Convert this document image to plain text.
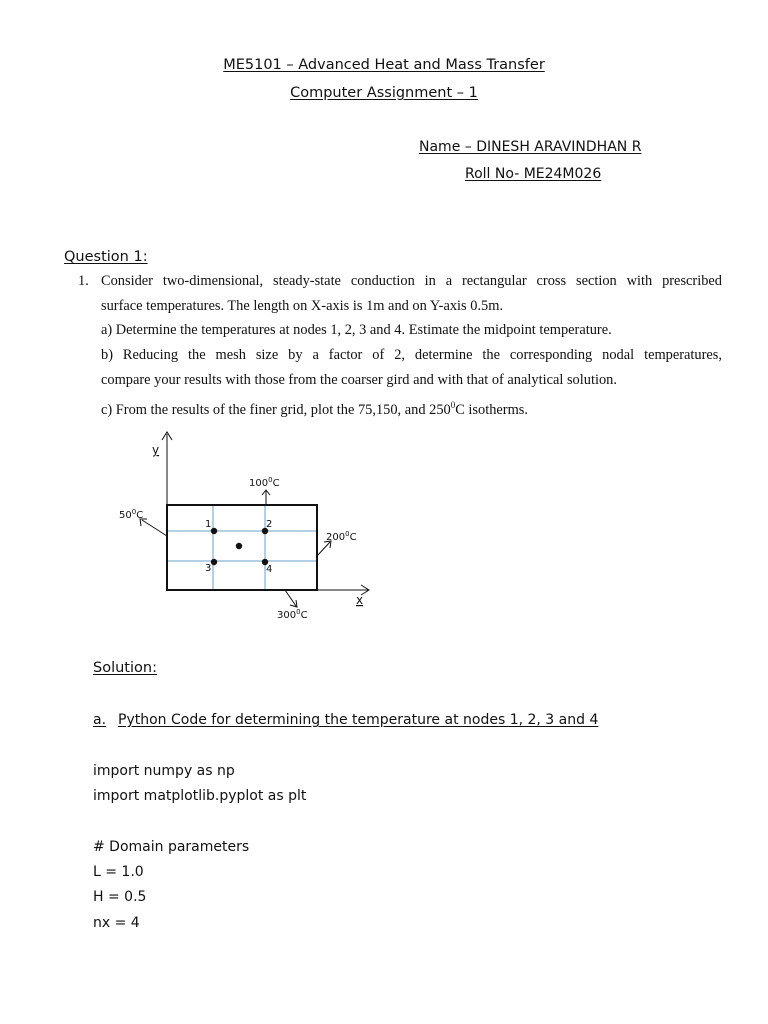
ME5101 – Advanced Heat and Mass Transfer
Computer Assignment – 1
Name – DINESH ARAVINDHAN R
Roll No- ME24M026
Question 1:
1. Consider two-dimensional, steady-state conduction in a rectangular cross section with prescribed

surface temperatures. The length on X-axis is 1m and on Y-axis 0.5m.

a) Determine the temperatures at nodes 1, 2, 3 and 4. Estimate the midpoint temperature.

b) Reducing the mesh size by a factor of 2, determine the corresponding nodal temperatures,

compare your results with those from the coarser gird and with that of analytical solution.

c) From the results of the finer grid, plot the 75,150, and $250^0C$ isotherms.

y
x
1	2
3	4
$100^0C$
$50^0C$
$200^0C$
$300^0C$
Solution:
a. Python Code for determining the temperature at nodes 1, 2, 3 and 4
import numpy as np
import matplotlib.pyplot as plt

# Domain parameters
L = 1.0
H = 0.5
nx = 4
